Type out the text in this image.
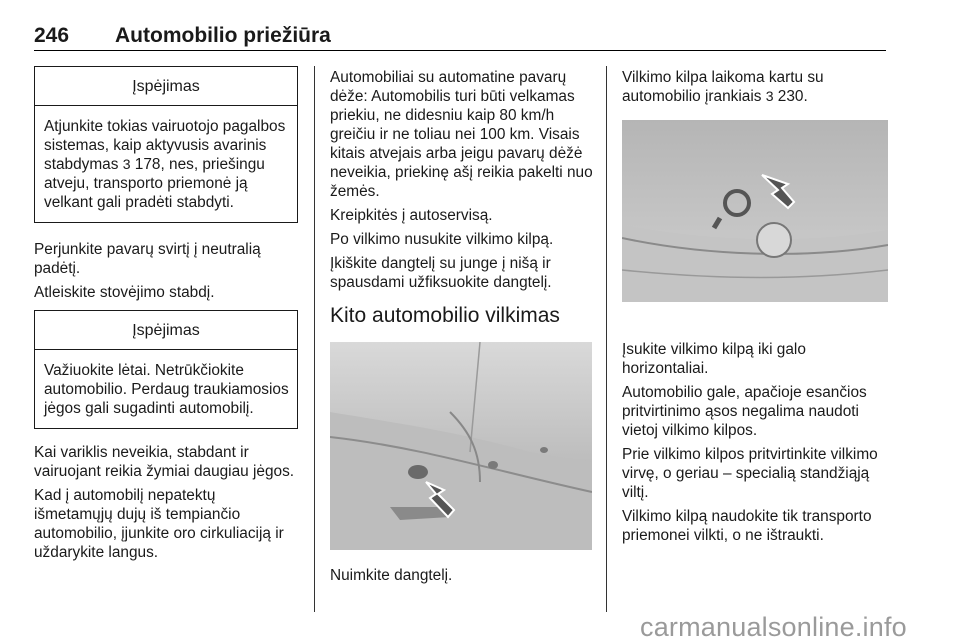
246 Automobilio priežiūra
Įspėjimas
Atjunkite tokias vairuotojo pagalbos sistemas, kaip aktyvusis avarinis stabdymas 3 178, nes, priešingu atveju, transporto priemonė ją velkant gali pradėti stabdyti.

Perjunkite pavarų svirtį į neutralią padėtį.

Atleiskite stovėjimo stabdį.

Įspėjimas
Važiuokite lėtai. Netrūkčiokite automobilio. Perdaug traukiamosios jėgos gali sugadinti automobilį.

Kai variklis neveikia, stabdant ir vairuojant reikia žymiai daugiau jėgos.

Kad į automobilį nepatektų išmetamųjų dujų iš tempiančio automobilio, įjunkite oro cirkuliaciją ir uždarykite langus.

Automobiliai su automatine pavarų dėže: Automobilis turi būti velkamas priekiu, ne didesniu kaip 80 km/h greičiu ir ne toliau nei 100 km. Visais kitais atvejais arba jeigu pavarų dėžė neveikia, priekinę ašį reikia pakelti nuo žemės.

Kreipkitės į autoservisą.

Po vilkimo nusukite vilkimo kilpą.

Įkiškite dangtelį su junge į nišą ir spausdami užfiksuokite dangtelį.

Kito automobilio vilkimas

Nuimkite dangtelį.

Vilkimo kilpa laikoma kartu su automobilio įrankiais 3 230.

Įsukite vilkimo kilpą iki galo horizontaliai.

Automobilio gale, apačioje esančios pritvirtinimo ąsos negalima naudoti vietoj vilkimo kilpos.

Prie vilkimo kilpos pritvirtinkite vilkimo virvę, o geriau – specialią standžiąją viltį.

Vilkimo kilpą naudokite tik transporto priemonei vilkti, o ne ištraukti.

carmanualsonline.info
